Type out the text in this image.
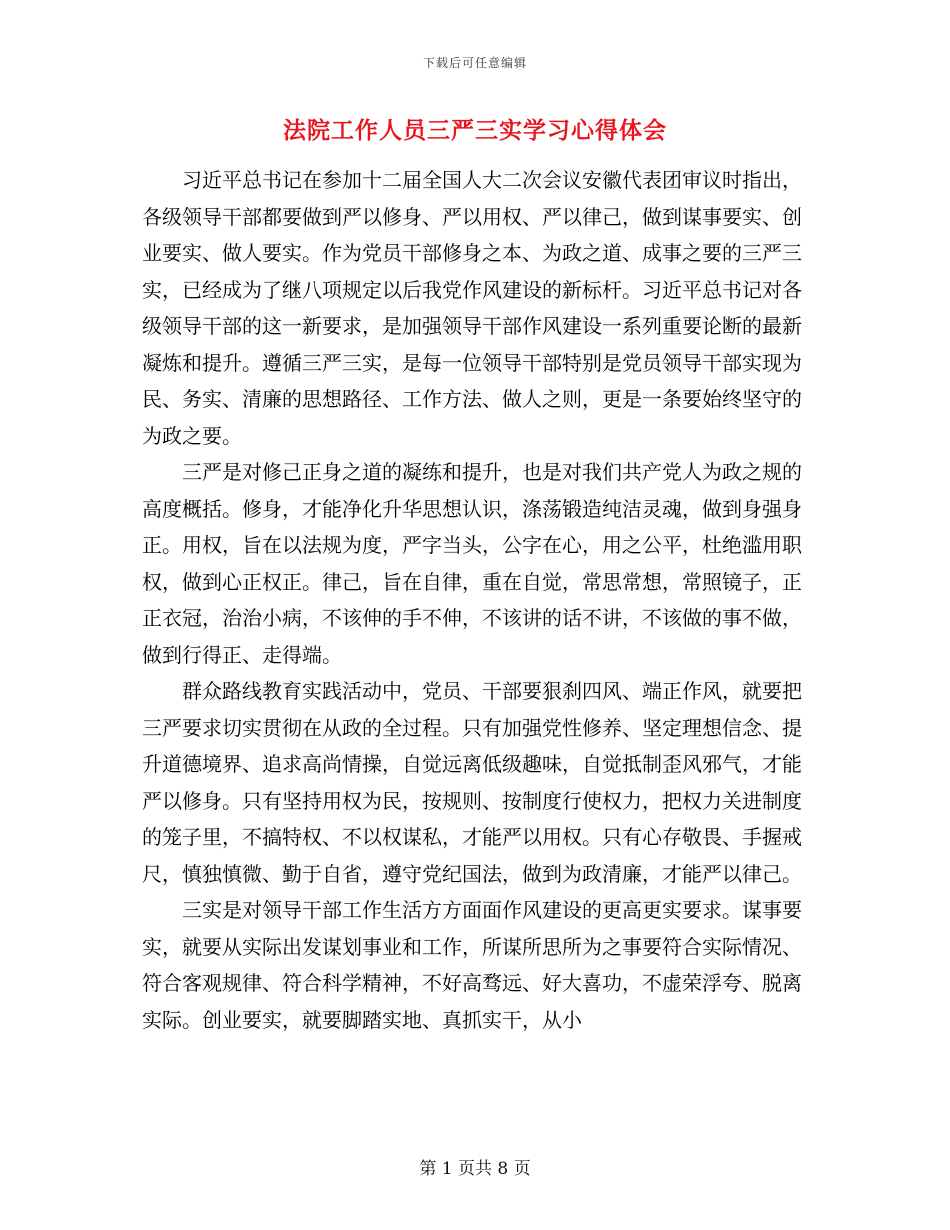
下载后可任意编辑
法院工作人员三严三实学习心得体会

习近平总书记在参加十二届全国人大二次会议安徽代表团审议时指出，各级领导干部都要做到严以修身、严以用权、严以律己，做到谋事要实、创业要实、做人要实。作为党员干部修身之本、为政之道、成事之要的三严三实，已经成为了继八项规定以后我党作风建设的新标杆。习近平总书记对各级领导干部的这一新要求，是加强领导干部作风建设一系列重要论断的最新凝炼和提升。遵循三严三实，是每一位领导干部特别是党员领导干部实现为民、务实、清廉的思想路径、工作方法、做人之则，更是一条要始终坚守的为政之要。

三严是对修己正身之道的凝练和提升，也是对我们共产党人为政之规的高度概括。修身，才能净化升华思想认识，涤荡锻造纯洁灵魂，做到身强身正。用权，旨在以法规为度，严字当头，公字在心，用之公平，杜绝滥用职权，做到心正权正。律己，旨在自律，重在自觉，常思常想，常照镜子，正正衣冠，治治小病，不该伸的手不伸，不该讲的话不讲，不该做的事不做，做到行得正、走得端。

群众路线教育实践活动中，党员、干部要狠刹四风、端正作风，就要把三严要求切实贯彻在从政的全过程。只有加强党性修养、坚定理想信念、提升道德境界、追求高尚情操，自觉远离低级趣味，自觉抵制歪风邪气，才能严以修身。只有坚持用权为民，按规则、按制度行使权力，把权力关进制度的笼子里，不搞特权、不以权谋私，才能严以用权。只有心存敬畏、手握戒尺，慎独慎微、勤于自省，遵守党纪国法，做到为政清廉，才能严以律己。

三实是对领导干部工作生活方方面面作风建设的更高更实要求。谋事要实，就要从实际出发谋划事业和工作，所谋所思所为之事要符合实际情况、符合客观规律、符合科学精神，不好高骛远、好大喜功，不虚荣浮夸、脱离实际。创业要实，就要脚踏实地、真抓实干，从小

第 1 页共 8 页
